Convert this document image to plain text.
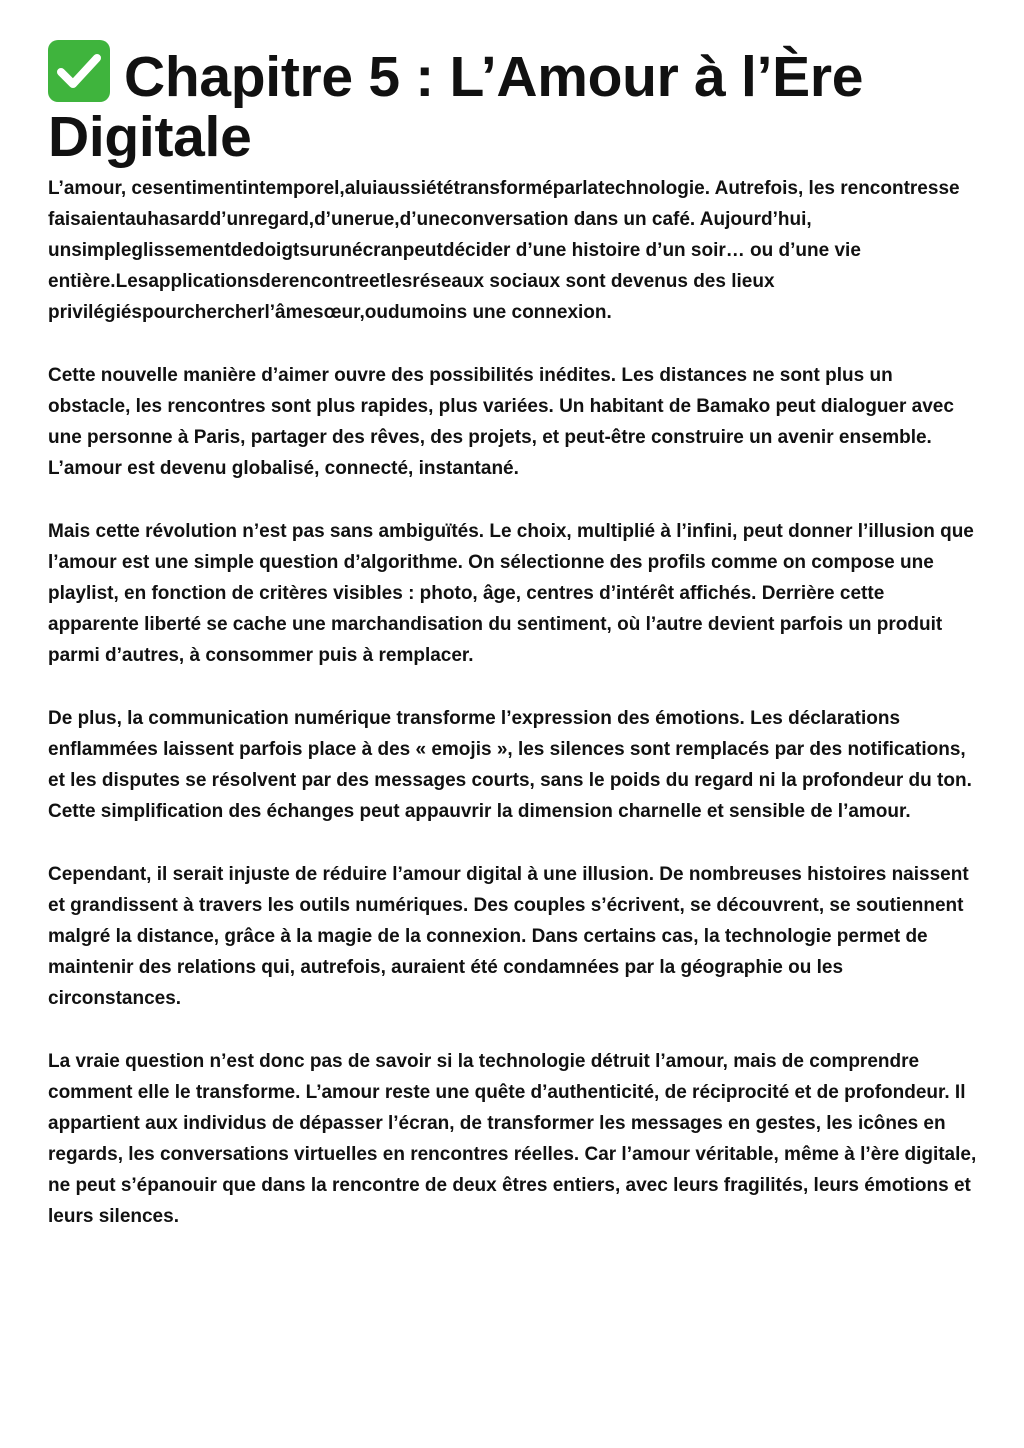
Chapitre 5 : L’Amour à l’Ère Digitale

L’amour, cesentimentintemporel,aluiaussiététransforméparlatechnologie. Autrefois, les rencontresse faisaientauhasardd’unregard,d’unerue,d’uneconversation dans un café. Aujourd’hui, unsimpleglissementdedoigtsurunécranpeutdécider d’une histoire d’un soir… ou d’une vie entière.Lesapplicationsderencontreetlesréseaux sociaux sont devenus des lieux privilégiéspourchercherl’âmesœur,oudumoins une connexion.

Cette nouvelle manière d’aimer ouvre des possibilités inédites. Les distances ne sont plus un obstacle, les rencontres sont plus rapides, plus variées. Un habitant de Bamako peut dialoguer avec une personne à Paris, partager des rêves, des projets, et peut-être construire un avenir ensemble. L’amour est devenu globalisé, connecté, instantané.

Mais cette révolution n’est pas sans ambiguïtés. Le choix, multiplié à l’infini, peut donner l’illusion que l’amour est une simple question d’algorithme. On sélectionne des profils comme on compose une playlist, en fonction de critères visibles : photo, âge, centres d’intérêt affichés. Derrière cette apparente liberté se cache une marchandisation du sentiment, où l’autre devient parfois un produit parmi d’autres, à consommer puis à remplacer.

De plus, la communication numérique transforme l’expression des émotions. Les déclarations enflammées laissent parfois place à des « emojis », les silences sont remplacés par des notifications, et les disputes se résolvent par des messages courts, sans le poids du regard ni la profondeur du ton. Cette simplification des échanges peut appauvrir la dimension charnelle et sensible de l’amour.

Cependant, il serait injuste de réduire l’amour digital à une illusion. De nombreuses histoires naissent et grandissent à travers les outils numériques. Des couples s’écrivent, se découvrent, se soutiennent malgré la distance, grâce à la magie de la connexion. Dans certains cas, la technologie permet de maintenir des relations qui, autrefois, auraient été condamnées par la géographie ou les circonstances.

La vraie question n’est donc pas de savoir si la technologie détruit l’amour, mais de comprendre comment elle le transforme. L’amour reste une quête d’authenticité, de réciprocité et de profondeur. Il appartient aux individus de dépasser l’écran, de transformer les messages en gestes, les icônes en regards, les conversations virtuelles en rencontres réelles. Car l’amour véritable, même à l’ère digitale, ne peut s’épanouir que dans la rencontre de deux êtres entiers, avec leurs fragilités, leurs émotions et leurs silences.
